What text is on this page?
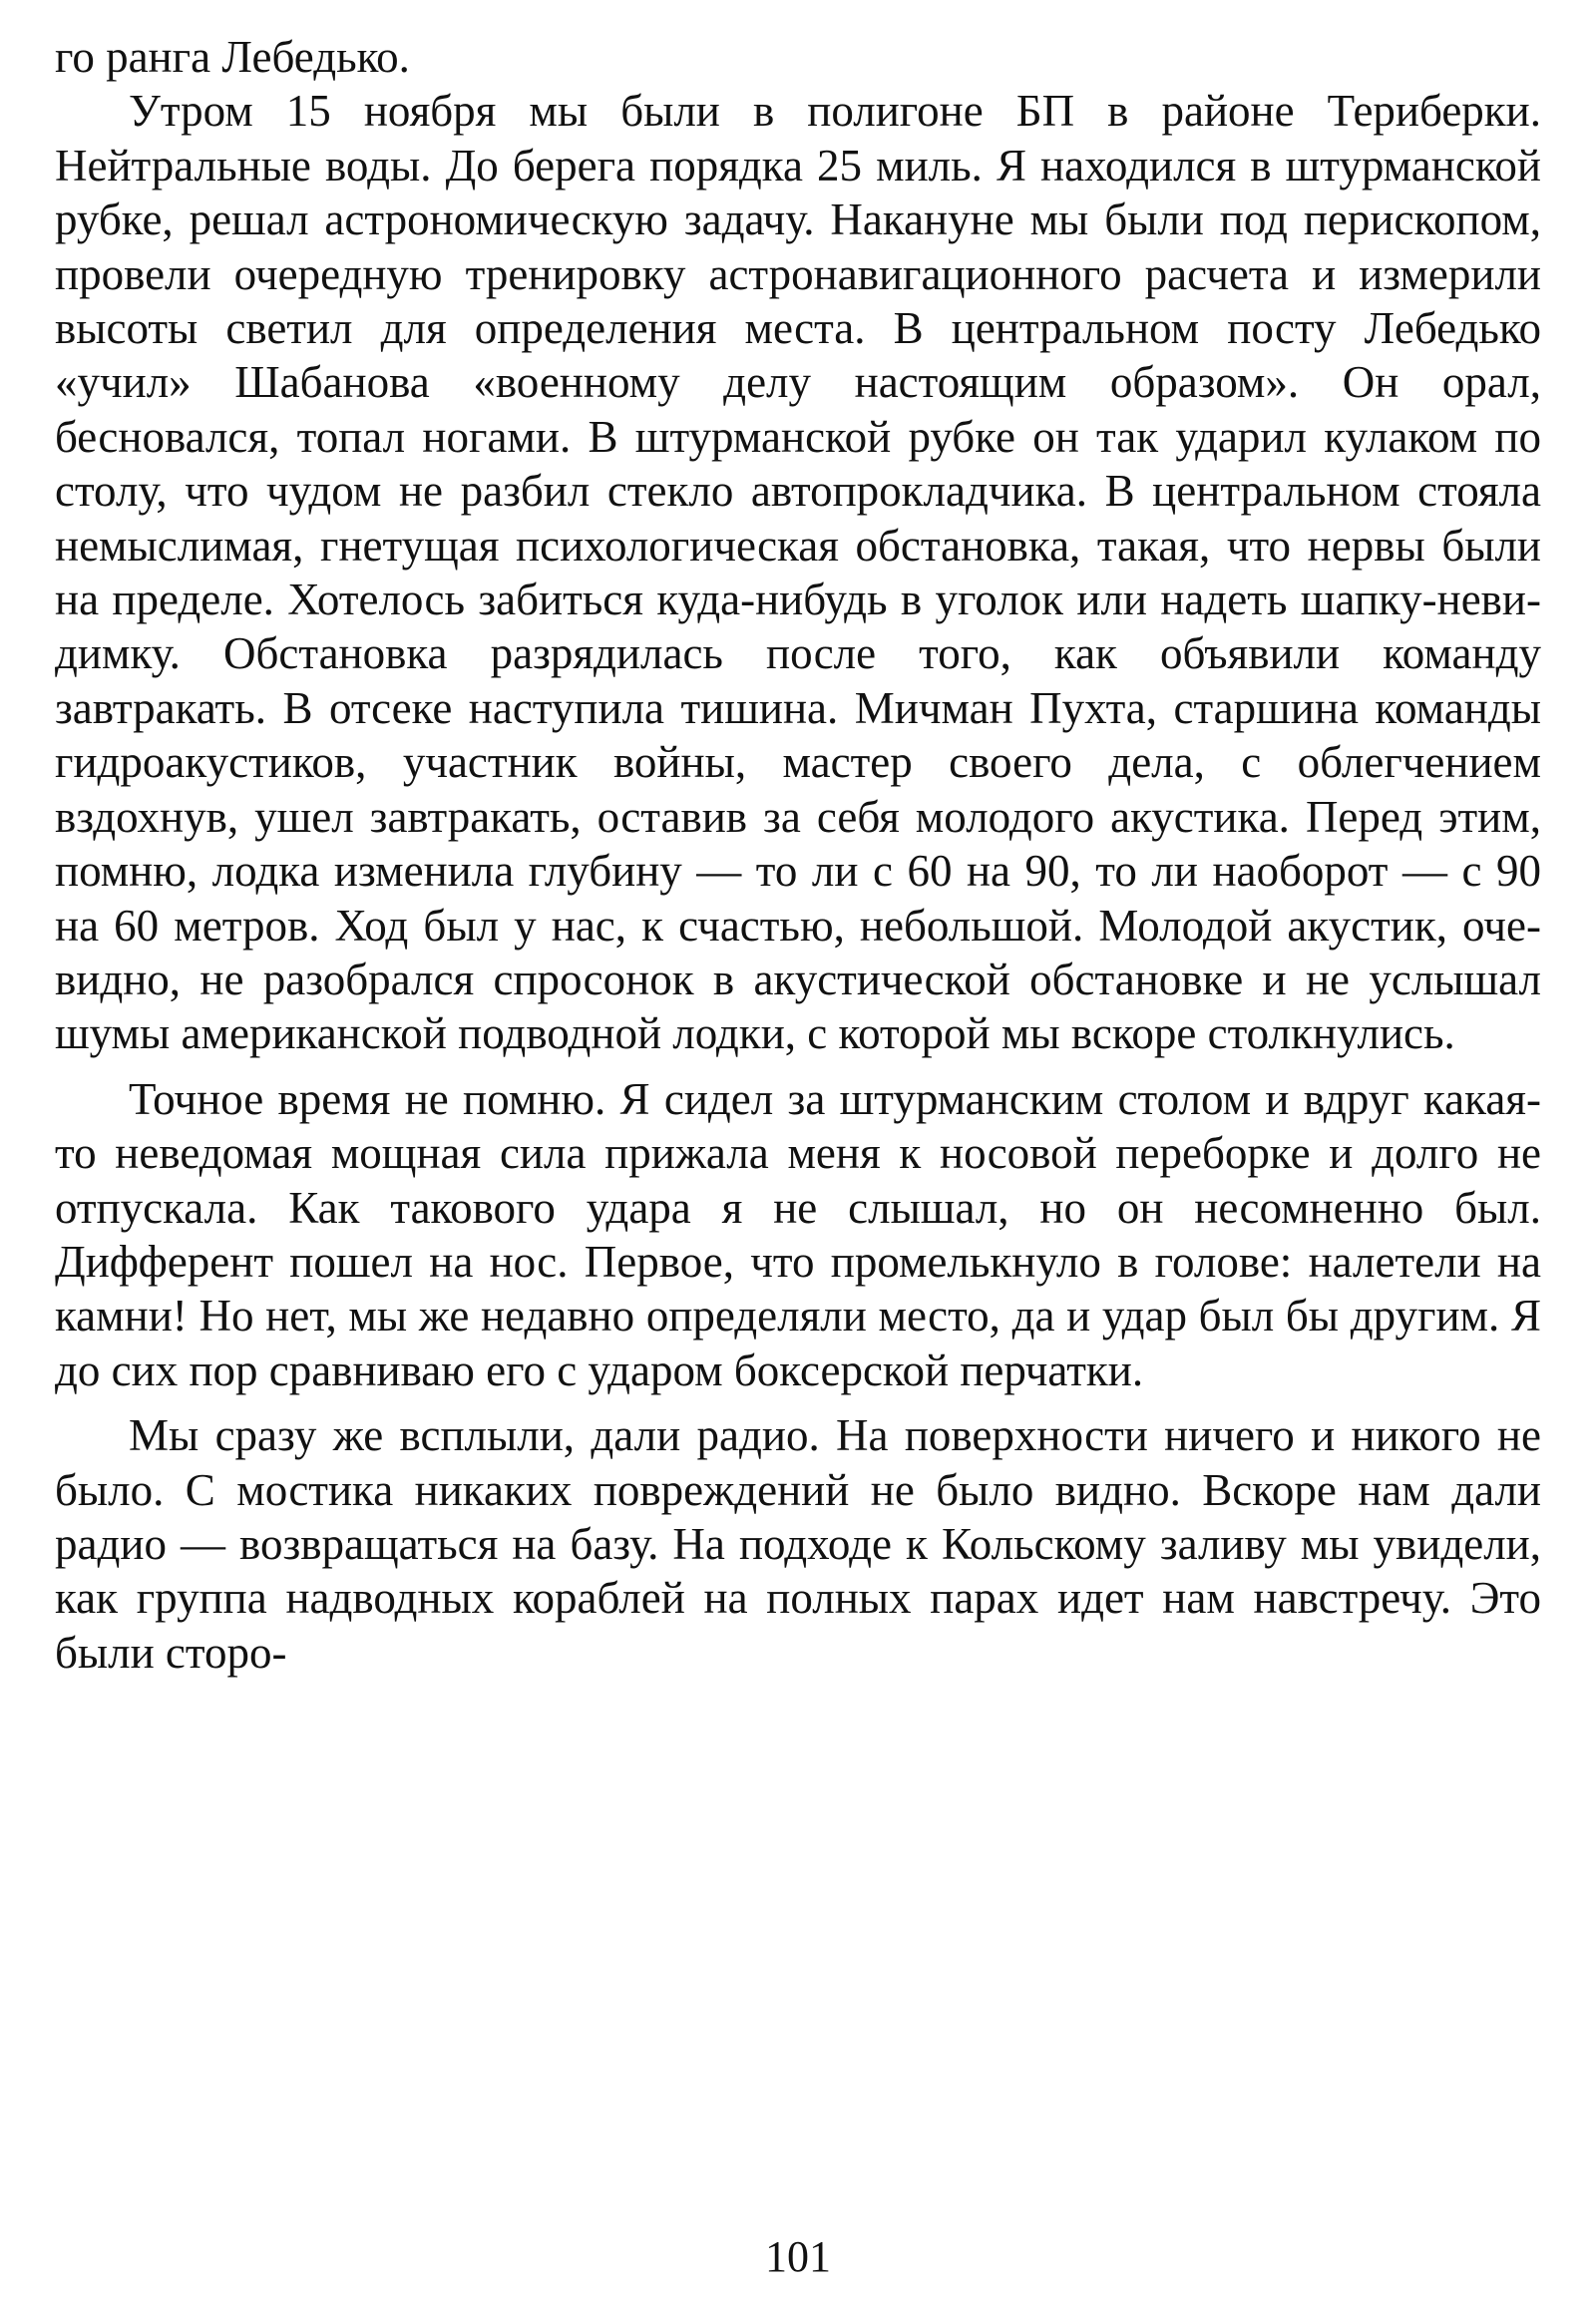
го ранга Лебедько.

Утром 15 ноября мы были в полигоне БП в районе Териберки. Нейтральные воды. До берега порядка 25 миль. Я находился в штурманской рубке, решал астрономическую задачу. Накануне мы были под перископом, провели очередную тренировку астронавигационного расчета и измерили высоты светил для определения места. В центральном посту Лебедько «учил» Шабанова «военному делу настоящим образом». Он орал, бесновался, топал ногами. В штурманской рубке он так ударил кулаком по столу, что чудом не разбил стекло автопрокладчика. В центральном стояла немыслимая, гнетущая психологическая обстановка, такая, что нервы были на пределе. Хотелось забиться куда-нибудь в уголок или надеть шапку-невидимку. Обстановка разрядилась после того, как объявили команду завтракать. В отсеке наступила тишина. Мичман Пухта, старшина команды гидроакустиков, участник войны, мастер своего дела, с облегчением вздохнув, ушел завтракать, оставив за себя молодого акустика. Перед этим, помню, лодка изменила глубину — то ли с 60 на 90, то ли наоборот — с 90 на 60 метров. Ход был у нас, к счастью, небольшой. Молодой акустик, очевидно, не разобрался спросонок в акустической обстановке и не услышал шумы американской подводной лодки, с которой мы вскоре столкнулись.

Точное время не помню. Я сидел за штурманским столом и вдруг какая-то неведомая мощная сила прижала меня к носовой переборке и долго не отпускала. Как такового удара я не слышал, но он несомненно был. Дифферент пошел на нос. Первое, что промелькнуло в голове: налетели на камни! Но нет, мы же недавно определяли место, да и удар был бы другим. Я до сих пор сравниваю его с ударом боксерской перчатки.

Мы сразу же всплыли, дали радио. На поверхности ничего и никого не было. С мостика никаких повреждений не было видно. Вскоре нам дали радио — возвращаться на базу. На подходе к Кольскому заливу мы увидели, как группа надводных кораблей на полных парах идет нам навстречу. Это были сторо-

101
